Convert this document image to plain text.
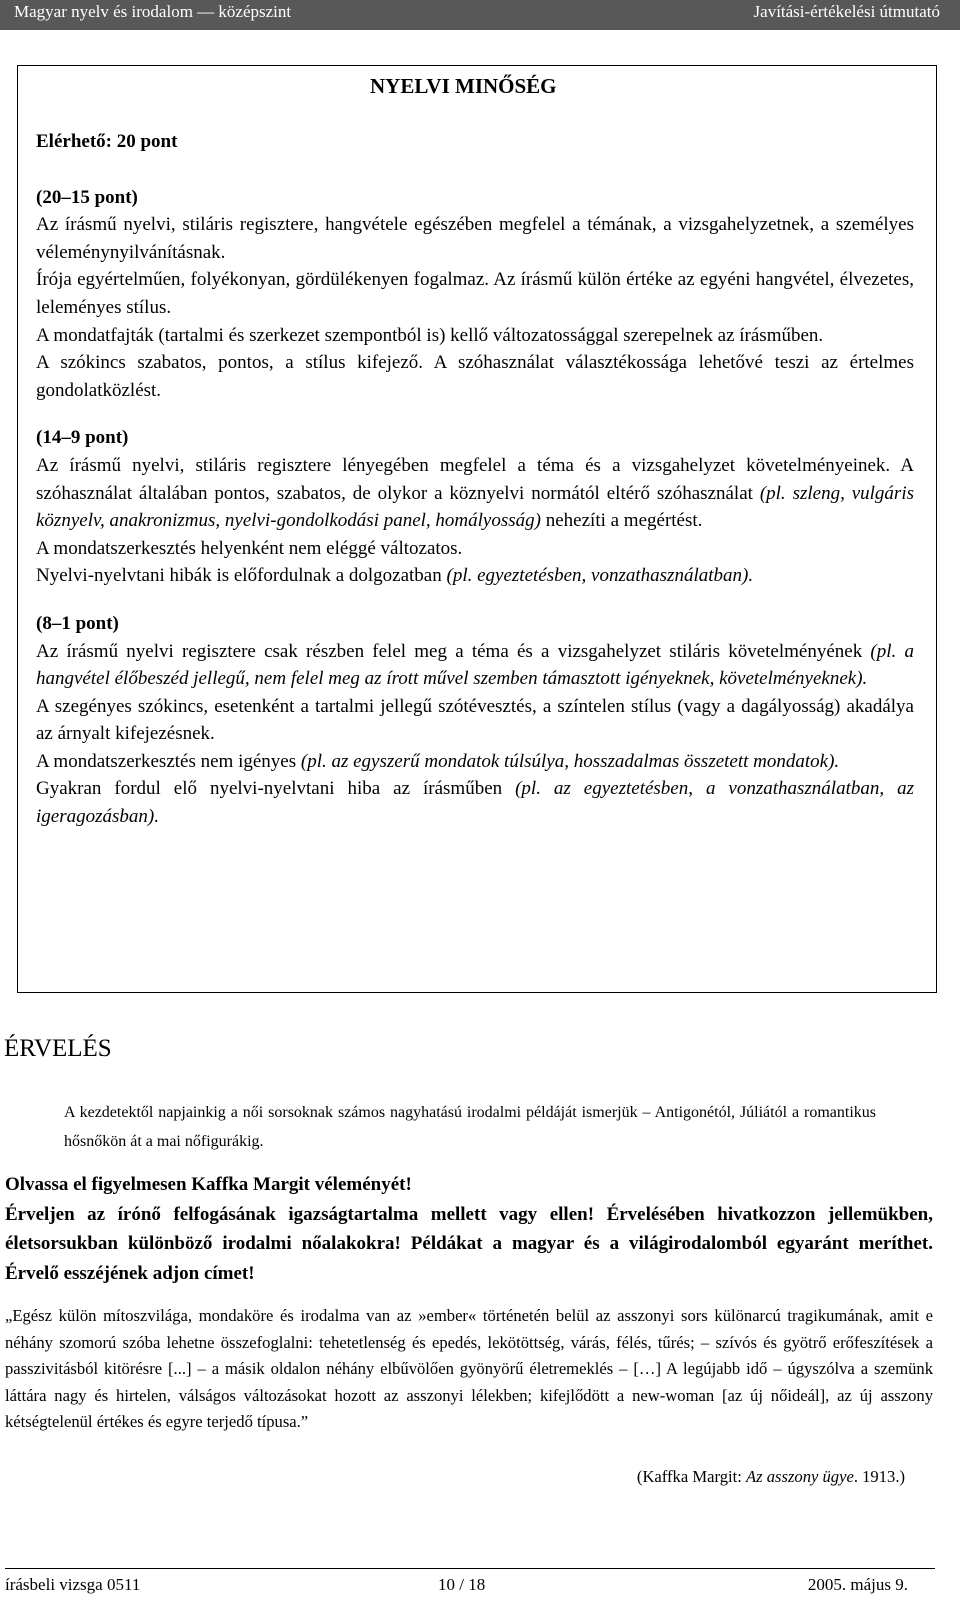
Magyar nyelv és irodalom — középszint	Javítási-értékelési útmutató
NYELVI MINŐSÉG

Elérhető: 20 pont

(20–15 pont)

Az írásmű nyelvi, stiláris regisztere, hangvétele egészében megfelel a témának, a vizsgahelyzetnek, a személyes véleménynyilvánításnak.

Írója egyértelműen, folyékonyan, gördülékenyen fogalmaz. Az írásmű külön értéke az egyéni hangvétel, élvezetes, leleményes stílus.

A mondatfajták (tartalmi és szerkezet szempontból is) kellő változatossággal szerepelnek az írásműben.

A szókincs szabatos, pontos, a stílus kifejező. A szóhasználat választékossága lehetővé teszi az értelmes gondolatközlést.

(14–9 pont)

Az írásmű nyelvi, stiláris regisztere lényegében megfelel a téma és a vizsgahelyzet követelményeinek. A szóhasználat általában pontos, szabatos, de olykor a köznyelvi normától eltérő szóhasználat (pl. szleng, vulgáris köznyelv, anakronizmus, nyelvi-gondolkodási panel, homályosság) nehezíti a megértést.

A mondatszerkesztés helyenként nem eléggé változatos.

Nyelvi-nyelvtani hibák is előfordulnak a dolgozatban (pl. egyeztetésben, vonzathasználatban).

(8–1 pont)

Az írásmű nyelvi regisztere csak részben felel meg a téma és a vizsgahelyzet stiláris követelményének (pl. a hangvétel élőbeszéd jellegű, nem felel meg az írott művel szemben támasztott igényeknek, követelményeknek).

A szegényes szókincs, esetenként a tartalmi jellegű szótévesztés, a színtelen stílus (vagy a dagályosság) akadálya az árnyalt kifejezésnek.

A mondatszerkesztés nem igényes (pl. az egyszerű mondatok túlsúlya, hosszadalmas összetett mondatok).

Gyakran fordul elő nyelvi-nyelvtani hiba az írásműben (pl. az egyeztetésben, a vonzathasználatban, az igeragozásban).

ÉRVELÉS
A kezdetektől napjainkig a női sorsoknak számos nagyhatású irodalmi példáját ismerjük – Antigonétól, Júliától a romantikus hősnőkön át a mai nőfigurákig.

Olvassa el figyelmesen Kaffka Margit véleményét!

Érveljen az írónő felfogásának igazságtartalma mellett vagy ellen! Érvelésében hivatkozzon jellemükben, életsorsukban különböző irodalmi nőalakokra! Példákat a magyar és a világirodalomból egyaránt meríthet. Érvelő esszéjének adjon címet!

„Egész külön mítoszvilága, mondaköre és irodalma van az »ember« történetén belül az asszonyi sors különarcú tragikumának, amit e néhány szomorú szóba lehetne összefoglalni: tehetetlenség és epedés, lekötöttség, várás, félés, tűrés; – szívós és gyötrő erőfeszítések a passzivitásból kitörésre [...] – a másik oldalon néhány elbűvölően gyönyörű életremeklés – […] A legújabb idő – úgyszólva a szemünk láttára nagy és hirtelen, válságos változásokat hozott az asszonyi lélekben; kifejlődött a new-woman [az új nőideál], az új asszony kétségtelenül értékes és egyre terjedő típusa.”
(Kaffka Margit: Az asszony ügye. 1913.)
írásbeli vizsga 0511	10 / 18	2005. május 9.
